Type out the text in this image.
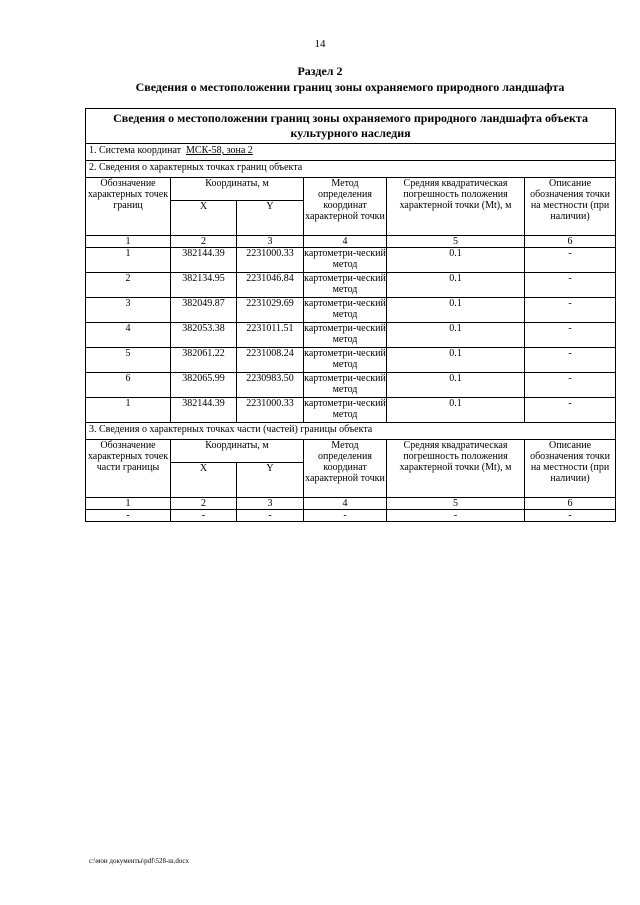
14
Раздел 2
Сведения о местоположении границ зоны охраняемого природного ландшафта
Сведения о местоположении границ зоны охраняемого природного ландшафта объекта культурного наследия					
1. Система координат МСК-58, зона 2					
2. Сведения о характерных точках границ объекта					
Обозначение характерных точек границ	Координаты, м		Метод определения координат характерной точки	Средняя квадратическая погрешность положения характерной точки (Mt), м	Описание обозначения точки на местности (при наличии)
	X	Y			
1	2	3	4	5	6
1	382144.39	2231000.33	картометри-ческий метод	0.1	-
2	382134.95	2231046.84	картометри-ческий метод	0.1	-
3	382049.87	2231029.69	картометри-ческий метод	0.1	-
4	382053.38	2231011.51	картометри-ческий метод	0.1	-
5	382061.22	2231008.24	картометри-ческий метод	0.1	-
6	382065.99	2230983.50	картометри-ческий метод	0.1	-
1	382144.39	2231000.33	картометри-ческий метод	0.1	-
3. Сведения о характерных точках части (частей) границы объекта					
Обозначение характерных точек части границы	Координаты, м		Метод определения координат характерной точки	Средняя квадратическая погрешность положения характерной точки (Mt), м	Описание обозначения точки на местности (при наличии)
	X	Y			
1	2	3	4	5	6
-	-	-	-	-	-
c:\мои документы\pdf\528-ш.docx
